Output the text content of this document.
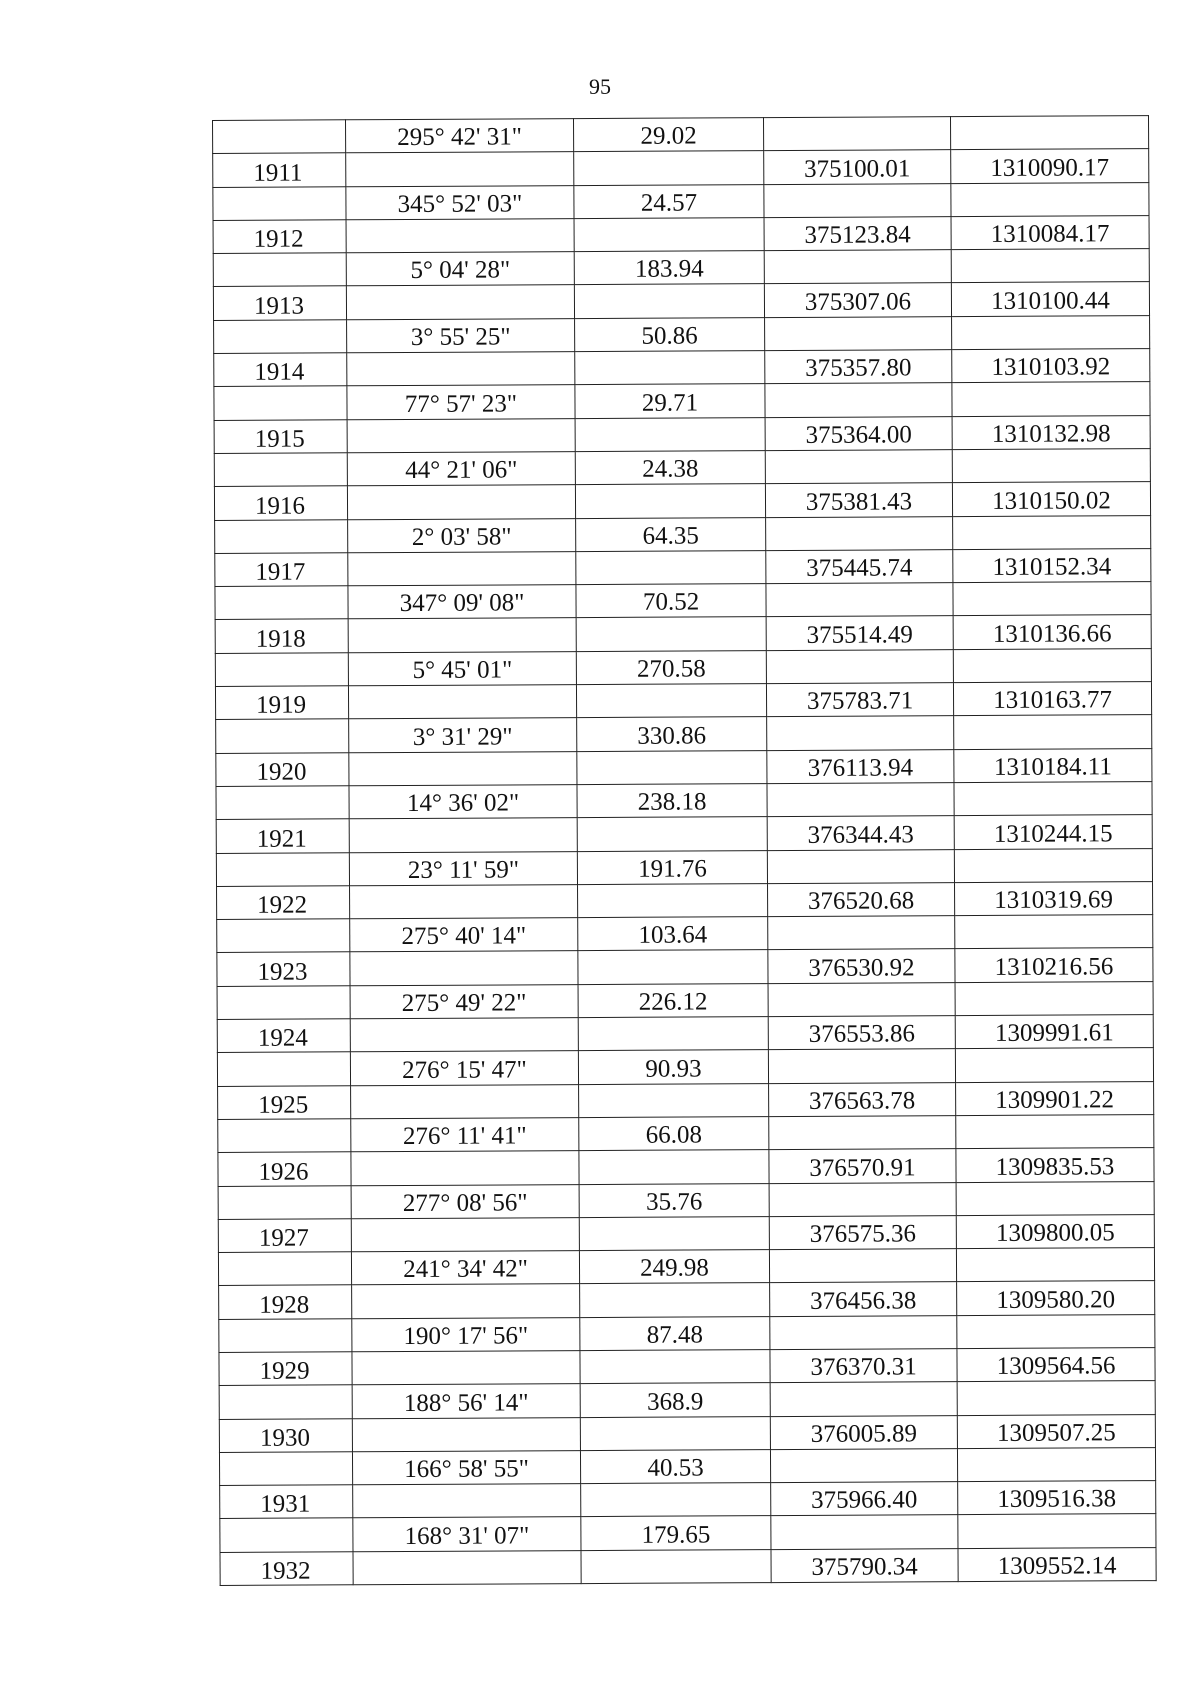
95
	295° 42' 31"	29.02		
1911			375100.01	1310090.17
	345° 52' 03"	24.57		
1912			375123.84	1310084.17
	5° 04' 28"	183.94		
1913			375307.06	1310100.44
	3° 55' 25"	50.86		
1914			375357.80	1310103.92
	77° 57' 23"	29.71		
1915			375364.00	1310132.98
	44° 21' 06"	24.38		
1916			375381.43	1310150.02
	2° 03' 58"	64.35		
1917			375445.74	1310152.34
	347° 09' 08"	70.52		
1918			375514.49	1310136.66
	5° 45' 01"	270.58		
1919			375783.71	1310163.77
	3° 31' 29"	330.86		
1920			376113.94	1310184.11
	14° 36' 02"	238.18		
1921			376344.43	1310244.15
	23° 11' 59"	191.76		
1922			376520.68	1310319.69
	275° 40' 14"	103.64		
1923			376530.92	1310216.56
	275° 49' 22"	226.12		
1924			376553.86	1309991.61
	276° 15' 47"	90.93		
1925			376563.78	1309901.22
	276° 11' 41"	66.08		
1926			376570.91	1309835.53
	277° 08' 56"	35.76		
1927			376575.36	1309800.05
	241° 34' 42"	249.98		
1928			376456.38	1309580.20
	190° 17' 56"	87.48		
1929			376370.31	1309564.56
	188° 56' 14"	368.9		
1930			376005.89	1309507.25
	166° 58' 55"	40.53		
1931			375966.40	1309516.38
	168° 31' 07"	179.65		
1932			375790.34	1309552.14
